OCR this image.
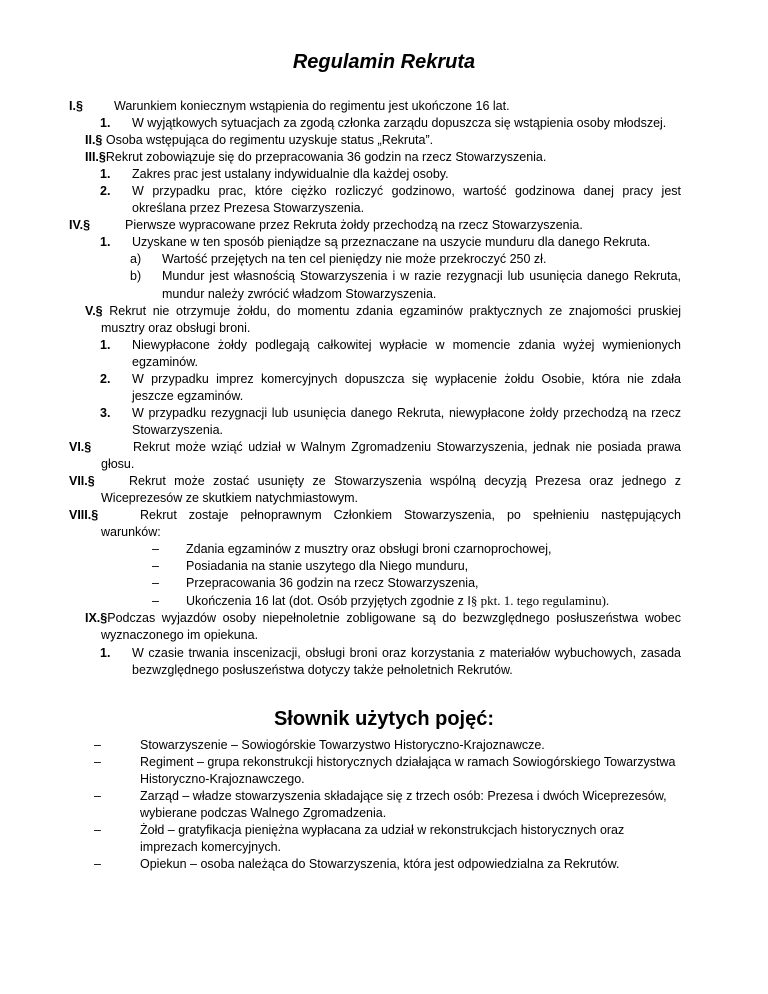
Regulamin Rekruta

I.§ Warunkiem koniecznym wstąpienia do regimentu jest ukończone 16 lat.

1. W wyjątkowych sytuacjach za zgodą członka zarządu dopuszcza się wstąpienia osoby młodszej.

II.§ Osoba wstępująca do regimentu uzyskuje status „Rekruta”.

III.§Rekrut zobowiązuje się do przepracowania 36 godzin na rzecz Stowarzyszenia.

1. Zakres prac jest ustalany indywidualnie dla każdej osoby.

2. W przypadku prac, które ciężko rozliczyć godzinowo, wartość godzinowa danej pracy jest określana przez Prezesa Stowarzyszenia.

IV.§	Pierwsze wypracowane przez Rekruta żołdy przechodzą na rzecz Stowarzyszenia.

1. Uzyskane w ten sposób pieniądze są przeznaczane na uszycie munduru dla danego Rekruta.

a) Wartość przejętych na ten cel pieniędzy nie może przekroczyć 250 zł.

b) Mundur jest własnością Stowarzyszenia i w razie rezygnacji lub usunięcia danego Rekruta, mundur należy zwrócić władzom Stowarzyszenia.

V.§ Rekrut nie otrzymuje żołdu, do momentu zdania egzaminów praktycznych ze znajomości pruskiej musztry oraz obsługi broni.

1. Niewypłacone żołdy podlegają całkowitej wypłacie w momencie zdania wyżej wymienionych egzaminów.

2. W przypadku imprez komercyjnych dopuszcza się wypłacenie żołdu Osobie, która nie zdała jeszcze egzaminów.

3. W przypadku rezygnacji lub usunięcia danego Rekruta, niewypłacone żołdy przechodzą na rzecz Stowarzyszenia.

VI.§	Rekrut może wziąć udział w Walnym Zgromadzeniu Stowarzyszenia, jednak nie posiada prawa głosu.

VII.§	Rekrut może zostać usunięty ze Stowarzyszenia wspólną decyzją Prezesa oraz jednego z Wiceprezesów ze skutkiem natychmiastowym.

VIII.§	Rekrut zostaje pełnoprawnym Członkiem Stowarzyszenia, po spełnieniu następujących warunków:

– Zdania egzaminów z musztry oraz obsługi broni czarnoprochowej,

– Posiadania na stanie uszytego dla Niego munduru,

– Przepracowania 36 godzin na rzecz Stowarzyszenia,

– Ukończenia 16 lat (dot. Osób przyjętych zgodnie z I§ pkt. 1. tego regulaminu).

IX.§Podczas wyjazdów osoby niepełnoletnie zobligowane są do bezwzględnego posłuszeństwa wobec wyznaczonego im opiekuna.

1. W czasie trwania inscenizacji, obsługi broni oraz korzystania z materiałów wybuchowych, zasada bezwzględnego posłuszeństwa dotyczy także pełnoletnich Rekrutów.

Słownik użytych pojęć:

–	Stowarzyszenie – Sowiogórskie Towarzystwo Historyczno-Krajoznawcze.

–	Regiment – grupa rekonstrukcji historycznych działająca w ramach Sowiogórskiego Towarzystwa Historyczno-Krajoznawczego.

–	Zarząd – władze stowarzyszenia składające się z trzech osób: Prezesa i dwóch Wiceprezesów, wybierane podczas Walnego Zgromadzenia.

–	Żołd – gratyfikacja pieniężna wypłacana za udział w rekonstrukcjach historycznych oraz imprezach komercyjnych.

–	Opiekun – osoba należąca do Stowarzyszenia, która jest odpowiedzialna za Rekrutów.
